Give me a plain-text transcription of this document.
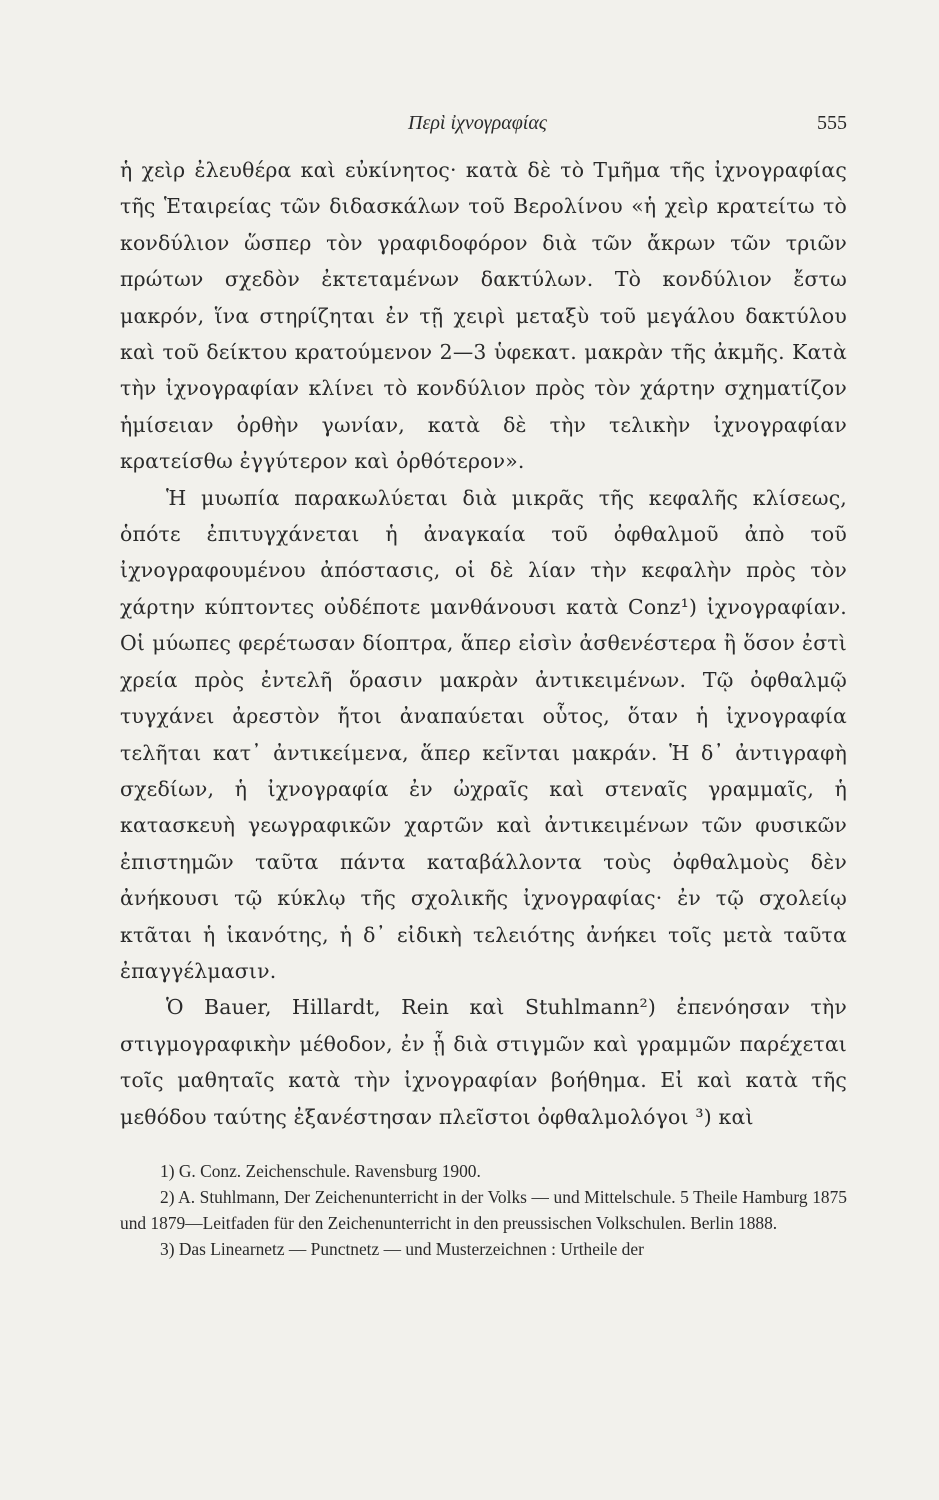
Περὶ ἰχνογραφίας	555

ἡ χεὶρ ἐλευθέρα καὶ εὐκίνητος· κατὰ δὲ τὸ Τμῆμα τῆς ἰχνογραφίας τῆς Ἑταιρείας τῶν διδασκάλων τοῦ Βερολίνου «ἡ χεὶρ κρατείτω τὸ κονδύλιον ὥσπερ τὸν γραφιδοφόρον διὰ τῶν ἄκρων τῶν τριῶν πρώτων σχεδὸν ἐκτεταμένων δακτύλων. Τὸ κονδύλιον ἔστω μακρόν, ἵνα στηρίζηται ἐν τῇ χειρὶ μεταξὺ τοῦ μεγάλου δακτύλου καὶ τοῦ δείκτου κρατούμενον 2—3 ὑφεκατ. μακρὰν τῆς ἀκμῆς. Κατὰ τὴν ἰχνογραφίαν κλίνει τὸ κονδύλιον πρὸς τὸν χάρτην σχηματίζον ἡμίσειαν ὀρθὴν γωνίαν, κατὰ δὲ τὴν τελικὴν ἰχνογραφίαν κρατείσθω ἐγγύτερον καὶ ὀρθότερον».

Ἡ μυωπία παρακωλύεται διὰ μικρᾶς τῆς κεφαλῆς κλίσεως, ὁπότε ἐπιτυγχάνεται ἡ ἀναγκαία τοῦ ὀφθαλμοῦ ἀπὸ τοῦ ἰχνογραφουμένου ἀπόστασις, οἱ δὲ λίαν τὴν κεφαλὴν πρὸς τὸν χάρτην κύπτοντες οὐδέποτε μανθάνουσι κατὰ Conz¹) ἰχνογραφίαν. Οἱ μύωπες φερέτωσαν δίοπτρα, ἅπερ εἰσὶν ἀσθενέστερα ἢ ὅσον ἐστὶ χρεία πρὸς ἐντελῆ ὅρασιν μακρὰν ἀντικειμένων. Τῷ ὀφθαλμῷ τυγχάνει ἀρεστὸν ἤτοι ἀναπαύεται οὗτος, ὅταν ἡ ἰχνογραφία τελῆται κατ᾽ ἀντικείμενα, ἅπερ κεῖνται μακράν. Ἡ δ᾽ ἀντιγραφὴ σχεδίων, ἡ ἰχνογραφία ἐν ὠχραῖς καὶ στεναῖς γραμμαῖς, ἡ κατασκευὴ γεωγραφικῶν χαρτῶν καὶ ἀντικειμένων τῶν φυσικῶν ἐπιστημῶν ταῦτα πάντα καταβάλλοντα τοὺς ὀφθαλμοὺς δὲν ἀνήκουσι τῷ κύκλῳ τῆς σχολικῆς ἰχνογραφίας· ἐν τῷ σχολείῳ κτᾶται ἡ ἱκανότης, ἡ δ᾽ εἰδικὴ τελειότης ἀνήκει τοῖς μετὰ ταῦτα ἐπαγγέλμασιν.

Ὁ Bauer, Hillardt, Rein καὶ Stuhlmann²) ἐπενόησαν τὴν στιγμογραφικὴν μέθοδον, ἐν ᾗ διὰ στιγμῶν καὶ γραμμῶν παρέχεται τοῖς μαθηταῖς κατὰ τὴν ἰχνογραφίαν βοήθημα. Εἰ καὶ κατὰ τῆς μεθόδου ταύτης ἐξανέστησαν πλεῖστοι ὀφθαλμολόγοι ³) καὶ

1) G. Conz. Zeichenschule. Ravensburg 1900.

2) A. Stuhlmann, Der Zeichenunterricht in der Volks — und Mittelschule. 5 Theile Hamburg 1875 und 1879—Leitfaden für den Zeichenunterricht in den preussischen Volkschulen. Berlin 1888.

3) Das Linearnetz — Punctnetz — und Musterzeichnen : Urtheile der
